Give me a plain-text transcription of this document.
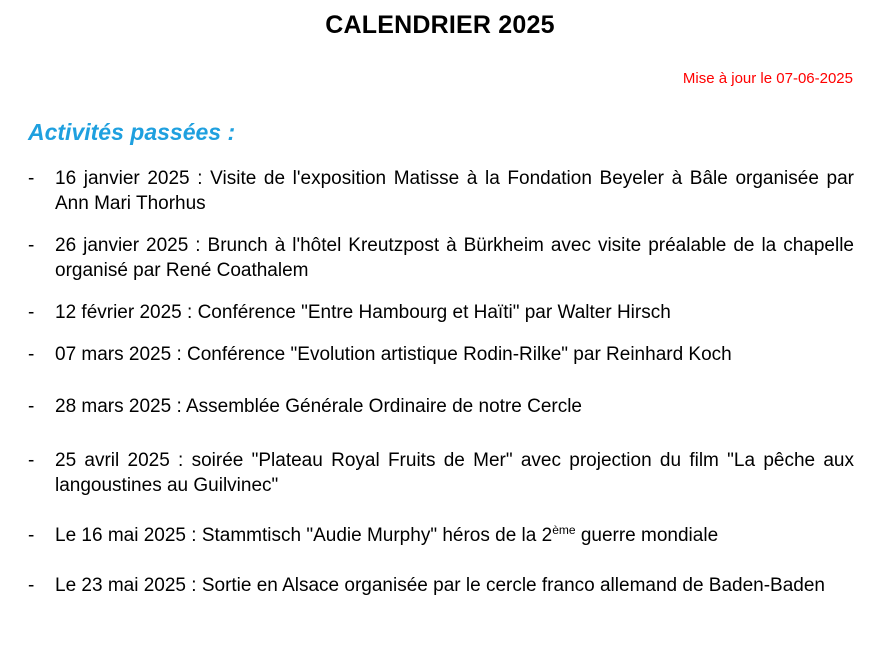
CALENDRIER 2025
Mise à jour le 07-06-2025
Activités passées :
- 16 janvier 2025 : Visite de l'exposition Matisse à la Fondation Beyeler à Bâle organisée par Ann Mari Thorhus
- 26 janvier 2025 : Brunch à l'hôtel Kreutzpost à Bürkheim avec visite préalable de la chapelle organisé par René Coathalem
- 12 février 2025 : Conférence "Entre Hambourg et Haïti" par Walter Hirsch
- 07 mars 2025 : Conférence "Evolution artistique Rodin-Rilke" par Reinhard Koch
- 28 mars 2025 : Assemblée Générale Ordinaire de notre Cercle
- 25 avril 2025 : soirée "Plateau Royal Fruits de Mer" avec projection du film "La pêche aux langoustines au Guilvinec"
- Le 16 mai 2025 : Stammtisch "Audie Murphy" héros de la 2ème guerre mondiale
- Le 23 mai 2025 : Sortie en Alsace organisée par le cercle franco allemand de Baden-Baden
